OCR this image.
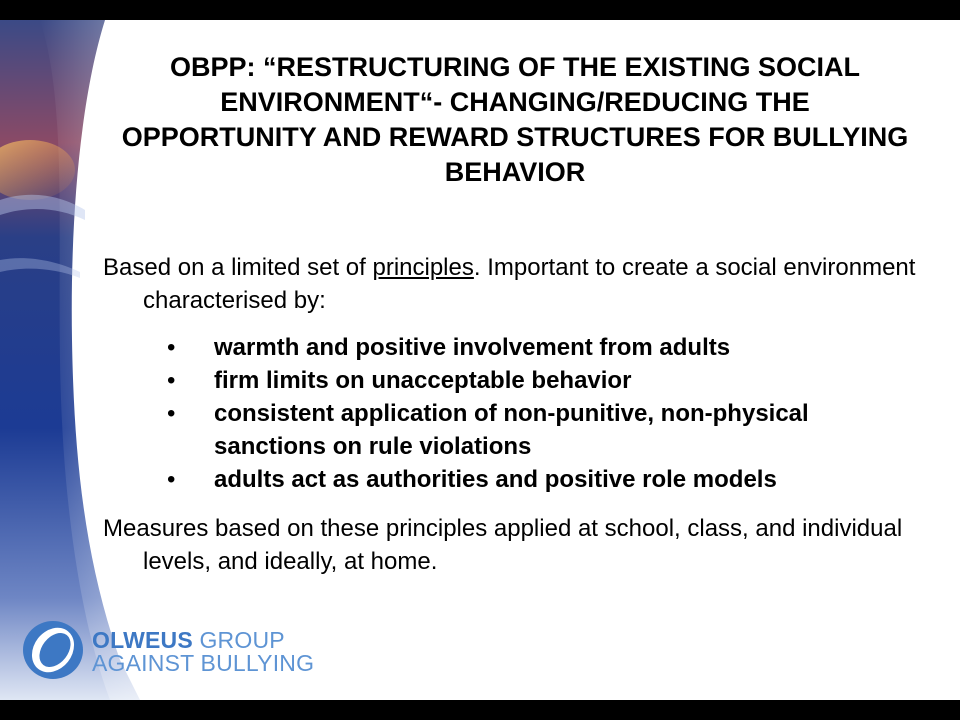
OBPP: “RESTRUCTURING OF THE EXISTING SOCIAL ENVIRONMENT“- CHANGING/REDUCING THE OPPORTUNITY AND REWARD STRUCTURES FOR BULLYING BEHAVIOR

Based on a limited set of principles. Important to create a social environment characterised by:

• warmth and positive involvement from adults
• firm limits on unacceptable behavior
• consistent application of non-punitive, non-physical sanctions on rule violations
• adults act as authorities and positive role models

Measures based on these principles applied at school, class, and individual levels, and ideally, at home.

OLWEUS GROUP
AGAINST BULLYING
